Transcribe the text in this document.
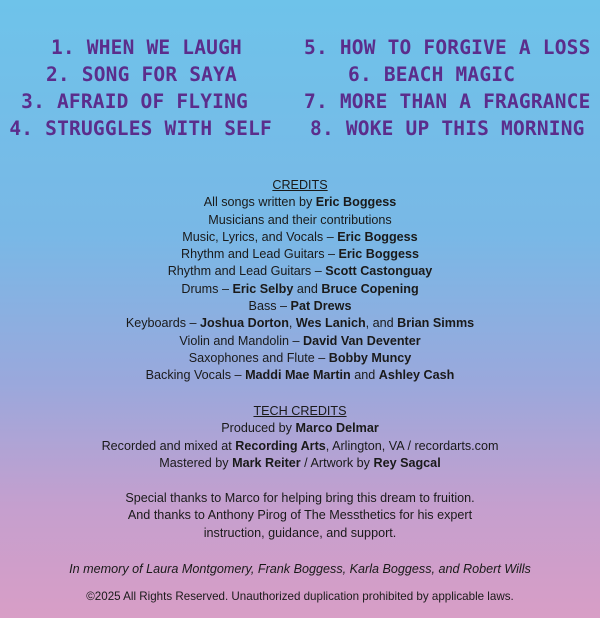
1. WHEN WE LAUGH
2. SONG FOR SAYA
3. AFRAID OF FLYING
4. STRUGGLES WITH SELF
5. HOW TO FORGIVE A LOSS
6. BEACH MAGIC
7. MORE THAN A FRAGRANCE
8. WOKE UP THIS MORNING
CREDITS
All songs written by Eric Boggess
Musicians and their contributions
Music, Lyrics, and Vocals – Eric Boggess
Rhythm and Lead Guitars – Eric Boggess
Rhythm and Lead Guitars – Scott Castonguay
Drums – Eric Selby and Bruce Copening
Bass – Pat Drews
Keyboards – Joshua Dorton, Wes Lanich, and Brian Simms
Violin and Mandolin – David Van Deventer
Saxophones and Flute – Bobby Muncy
Backing Vocals – Maddi Mae Martin and Ashley Cash
TECH CREDITS
Produced by Marco Delmar
Recorded and mixed at Recording Arts, Arlington, VA / recordarts.com
Mastered by Mark Reiter / Artwork by Rey Sagcal
Special thanks to Marco for helping bring this dream to fruition.
And thanks to Anthony Pirog of The Messthetics for his expert
instruction, guidance, and support.
In memory of Laura Montgomery, Frank Boggess, Karla Boggess, and Robert Wills
©2025 All Rights Reserved. Unauthorized duplication prohibited by applicable laws.
